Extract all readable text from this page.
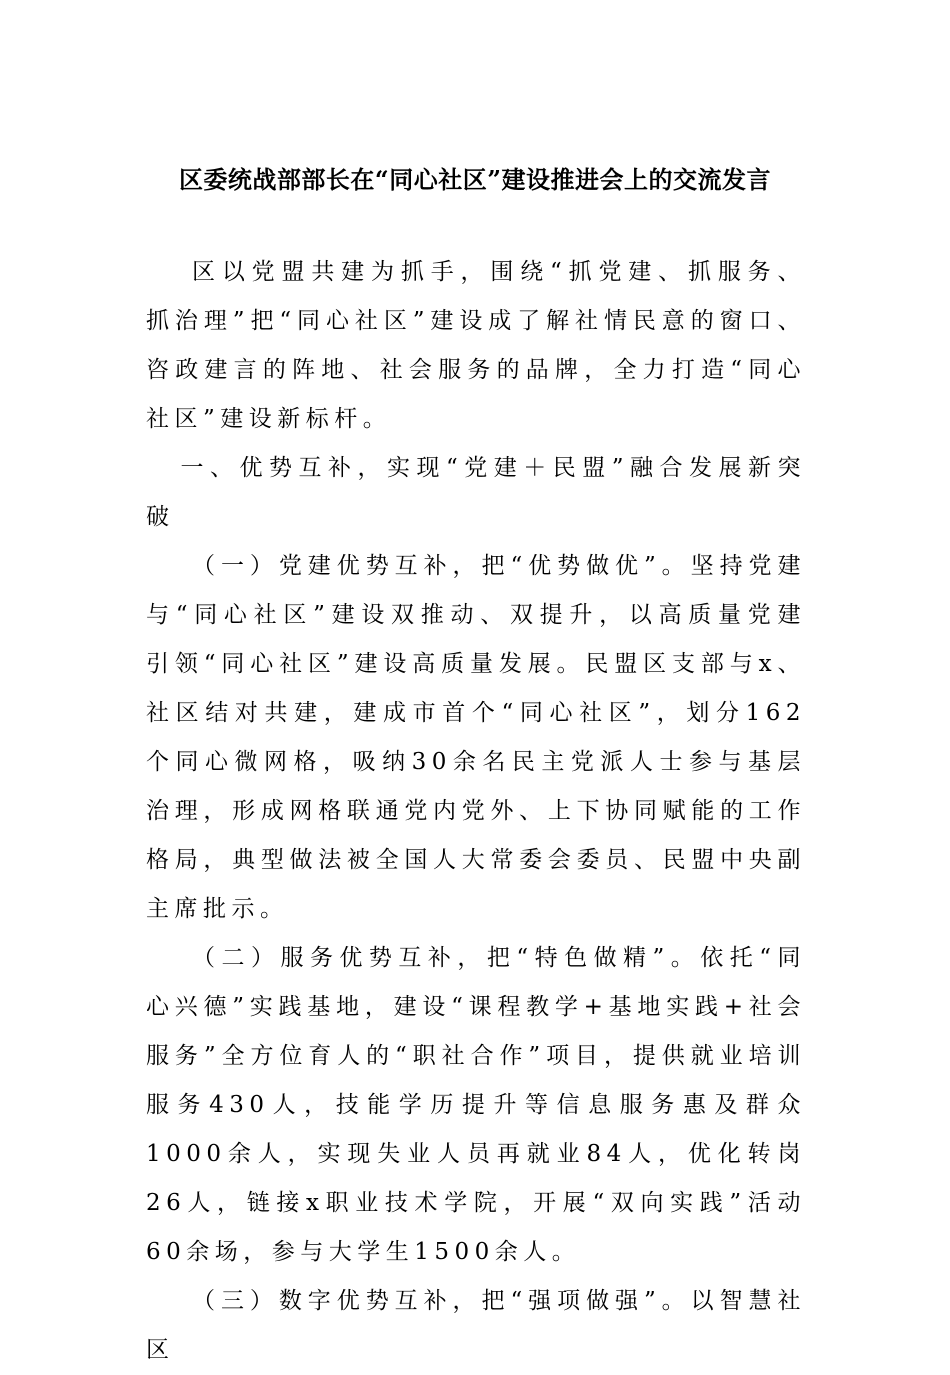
区委统战部部长在“同心社区”建设推进会上的交流发言

区以党盟共建为抓手，围绕“抓党建、抓服务、抓治理”把“同心社区”建设成了解社情民意的窗口、咨政建言的阵地、社会服务的品牌，全力打造“同心社区”建设新标杆。

一、优势互补，实现“党建＋民盟”融合发展新突破

（一）党建优势互补，把“优势做优”。坚持党建与“同心社区”建设双推动、双提升，以高质量党建引领“同心社区”建设高质量发展。民盟区支部与x、社区结对共建，建成市首个“同心社区”，划分162个同心微网格，吸纳30余名民主党派人士参与基层治理，形成网格联通党内党外、上下协同赋能的工作格局，典型做法被全国人大常委会委员、民盟中央副主席批示。

（二）服务优势互补，把“特色做精”。依托“同心兴德”实践基地，建设“课程教学+基地实践+社会服务”全方位育人的“职社合作”项目，提供就业培训服务430人，技能学历提升等信息服务惠及群众1000余人，实现失业人员再就业84人，优化转岗26人，链接x职业技术学院，开展“双向实践”活动60余场，参与大学生1500余人。

（三）数字优势互补，把“强项做强”。以智慧社区
